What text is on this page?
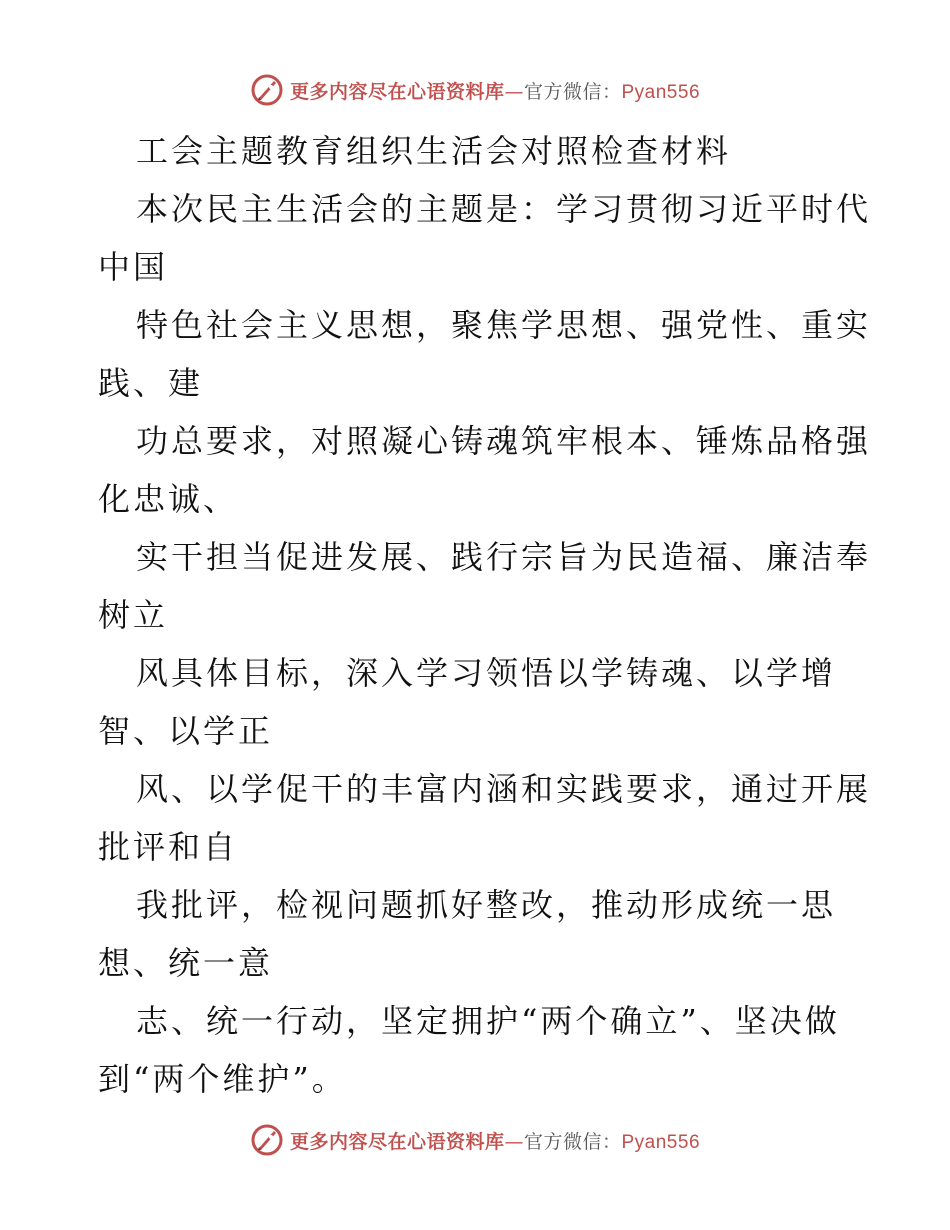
更多内容尽在心语资料库—官方微信：Pyan556
工会主题教育组织生活会对照检查材料
本次民主生活会的主题是：学习贯彻习近平时代
中国
特色社会主义思想，聚焦学思想、强党性、重实
践、建
功总要求，对照凝心铸魂筑牢根本、锤炼品格强
化忠诚、
实干担当促进发展、践行宗旨为民造福、廉洁奉
树立
风具体目标，深入学习领悟以学铸魂、以学增
智、以学正
风、以学促干的丰富内涵和实践要求，通过开展
批评和自
我批评，检视问题抓好整改，推动形成统一思
想、统一意
志、统一行动，坚定拥护“两个确立”、坚决做
到“两个维护”。
更多内容尽在心语资料库—官方微信：Pyan556
